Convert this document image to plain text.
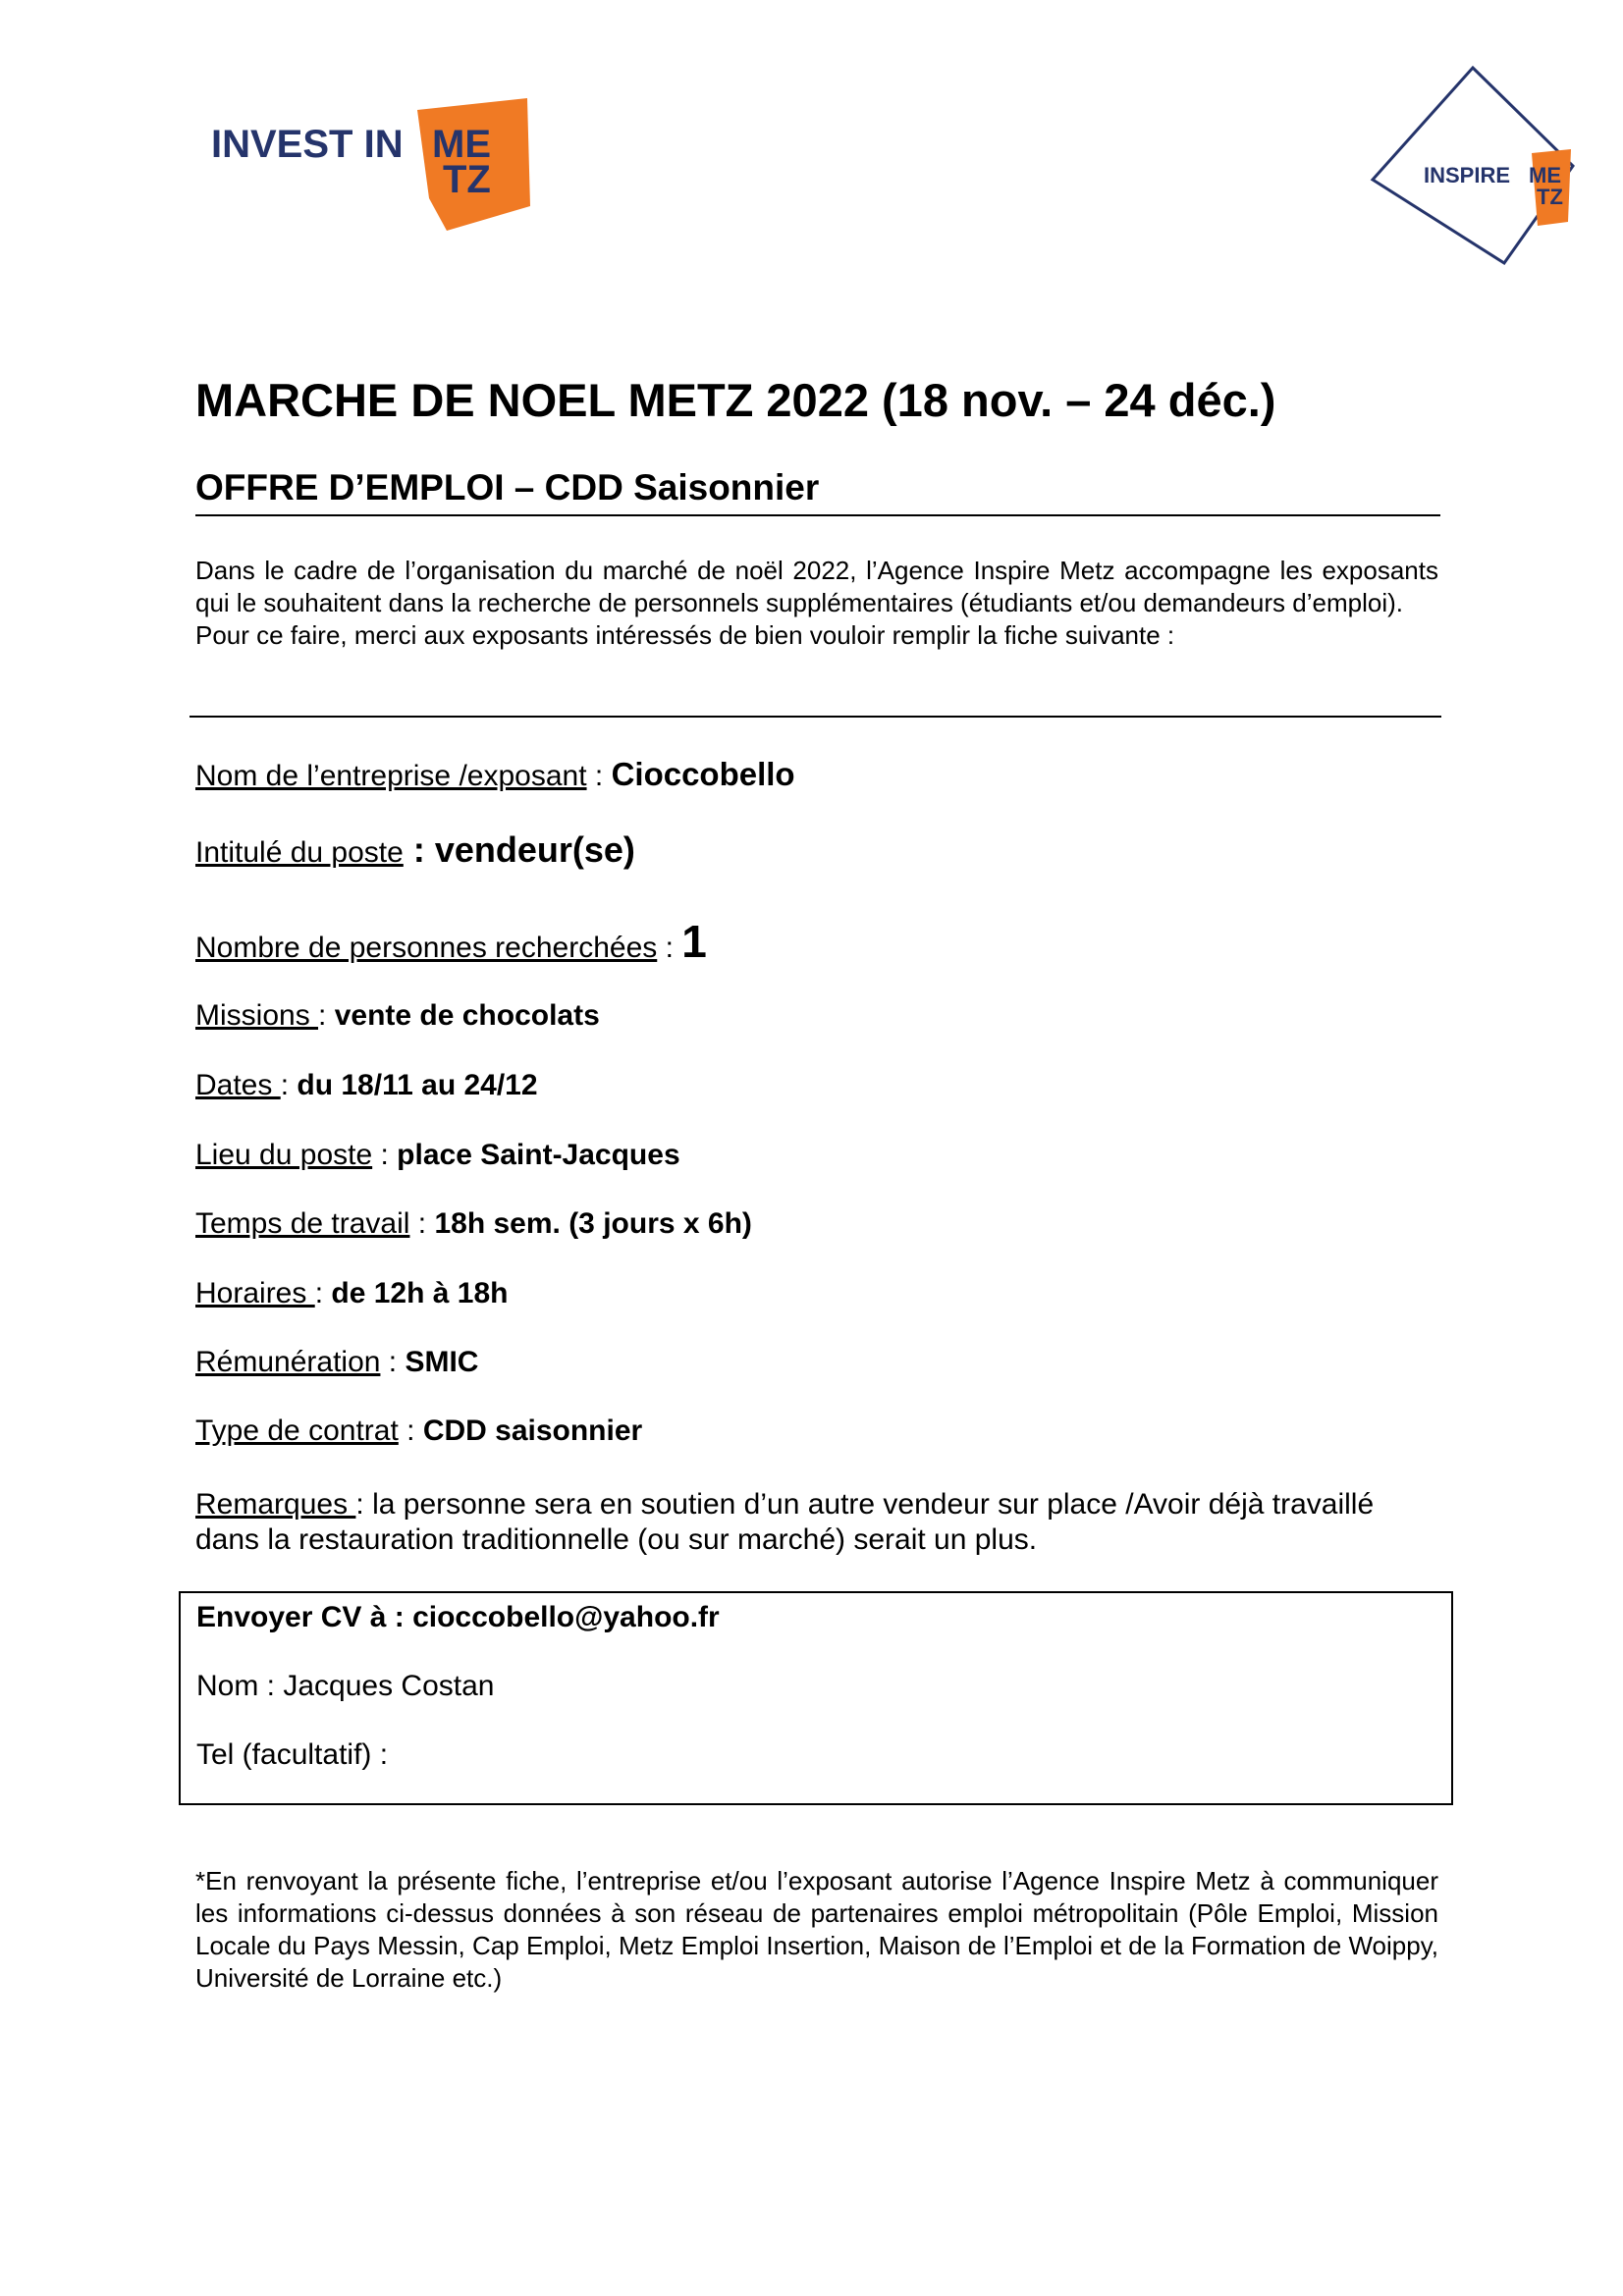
INVEST IN ME
TZ	INSPIRE ME
TZ
MARCHE DE NOEL METZ 2022 (18 nov. – 24 déc.)
OFFRE D’EMPLOI – CDD Saisonnier

Dans le cadre de l’organisation du marché de noël 2022, l’Agence Inspire Metz accompagne les exposants qui le souhaitent dans la recherche de personnels supplémentaires (étudiants et/ou demandeurs d’emploi).

Pour ce faire, merci aux exposants intéressés de bien vouloir remplir la fiche suivante :

Nom de l’entreprise /exposant : Cioccobello
Intitulé du poste : vendeur(se)
Nombre de personnes recherchées : 1
Missions : vente de chocolats
Dates : du 18/11 au 24/12
Lieu du poste : place Saint-Jacques
Temps de travail : 18h sem. (3 jours x 6h)
Horaires : de 12h à 18h
Rémunération : SMIC
Type de contrat : CDD saisonnier
Remarques : la personne sera en soutien d’un autre vendeur sur place /Avoir déjà travaillé dans la restauration traditionnelle (ou sur marché) serait un plus.
Envoyer CV à : cioccobello@yahoo.fr
Nom : Jacques Costan
Tel (facultatif) :
*En renvoyant la présente fiche, l’entreprise et/ou l’exposant autorise l’Agence Inspire Metz à communiquer les informations ci-dessus données à son réseau de partenaires emploi métropolitain (Pôle Emploi, Mission Locale du Pays Messin, Cap Emploi, Metz Emploi Insertion, Maison de l’Emploi et de la Formation de Woippy, Université de Lorraine etc.)
